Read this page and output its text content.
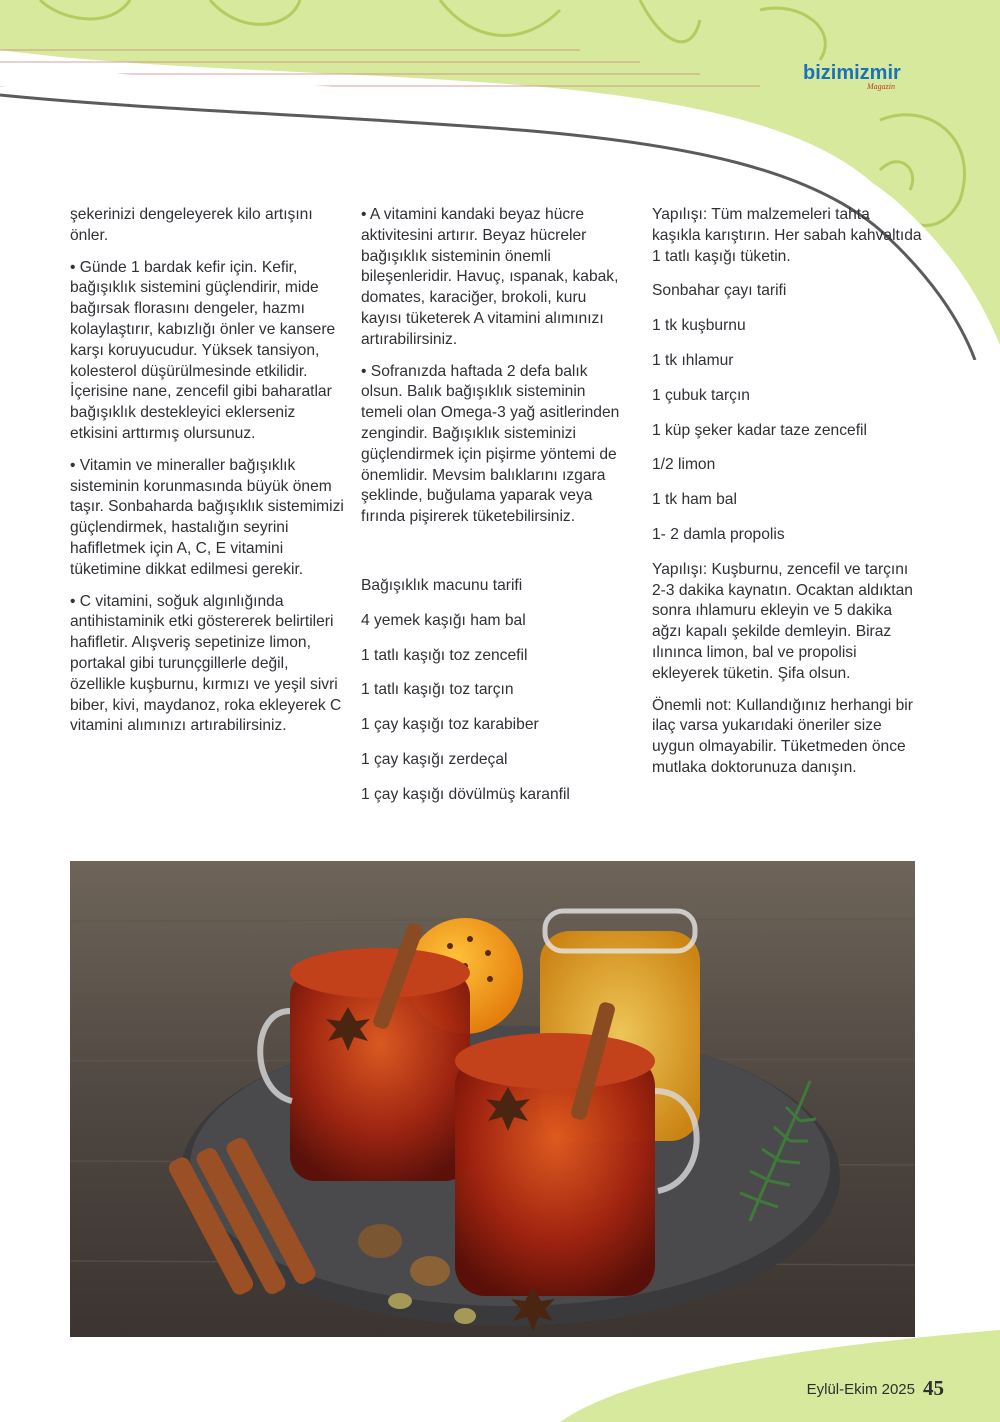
bizimizmir
Magazin

şekerinizi dengeleyerek kilo artışını önler.

• Günde 1 bardak kefir için. Kefir, bağışıklık sistemini güçlendirir, mide bağırsak florasını dengeler, hazmı kolaylaştırır, kabızlığı önler ve kansere karşı koruyucudur. Yüksek tansiyon, kolesterol düşürülmesinde etkilidir. İçerisine nane, zencefil gibi baharatlar bağışıklık destekleyici eklerseniz etkisini arttırmış olursunuz.

• Vitamin ve mineraller bağışıklık sisteminin korunmasında büyük önem taşır. Sonbaharda bağışıklık sistemimizi güçlendirmek, hastalığın seyrini hafifletmek için A, C, E vitamini tüketimine dikkat edilmesi gerekir.

• C vitamini, soğuk algınlığında antihistaminik etki göstererek belirtileri hafifletir. Alışveriş sepetinize limon, portakal gibi turunçgillerle değil, özellikle kuşburnu, kırmızı ve yeşil sivri biber, kivi, maydanoz, roka ekleyerek C vitamini alımınızı artırabilirsiniz.

• A vitamini kandaki beyaz hücre aktivitesini artırır. Beyaz hücreler bağışıklık sisteminin önemli bileşenleridir. Havuç, ıspanak, kabak, domates, karaciğer, brokoli, kuru kayısı tüketerek A vitamini alımınızı artırabilirsiniz.

• Sofranızda haftada 2 defa balık olsun. Balık bağışıklık sisteminin temeli olan Omega-3 yağ asitlerinden zengindir. Bağışıklık sisteminizi güçlendirmek için pişirme yöntemi de önemlidir. Mevsim balıklarını ızgara şeklinde, buğulama yaparak veya fırında pişirerek tüketebilirsiniz.

Bağışıklık macunu tarifi
4 yemek kaşığı ham bal
1 tatlı kaşığı toz zencefil
1 tatlı kaşığı toz tarçın
1 çay kaşığı toz karabiber
1 çay kaşığı zerdeçal
1 çay kaşığı dövülmüş karanfil

Yapılışı: Tüm malzemeleri tahta kaşıkla karıştırın. Her sabah kahvaltıda 1 tatlı kaşığı tüketin.

Sonbahar çayı tarifi
1 tk kuşburnu
1 tk ıhlamur
1 çubuk tarçın
1 küp şeker kadar taze zencefil
1/2 limon
1 tk ham bal
1- 2 damla propolis

Yapılışı: Kuşburnu, zencefil ve tarçını 2-3 dakika kaynatın. Ocaktan aldıktan sonra ıhlamuru ekleyin ve 5 dakika ağzı kapalı şekilde demleyin. Biraz ılınınca limon, bal ve propolisi ekleyerek tüketin. Şifa olsun.

Önemli not: Kullandığınız herhangi bir ilaç varsa yukarıdaki öneriler size uygun olmayabilir. Tüketmeden önce mutlaka doktorunuza danışın.

Eylül-Ekim 2025 45
